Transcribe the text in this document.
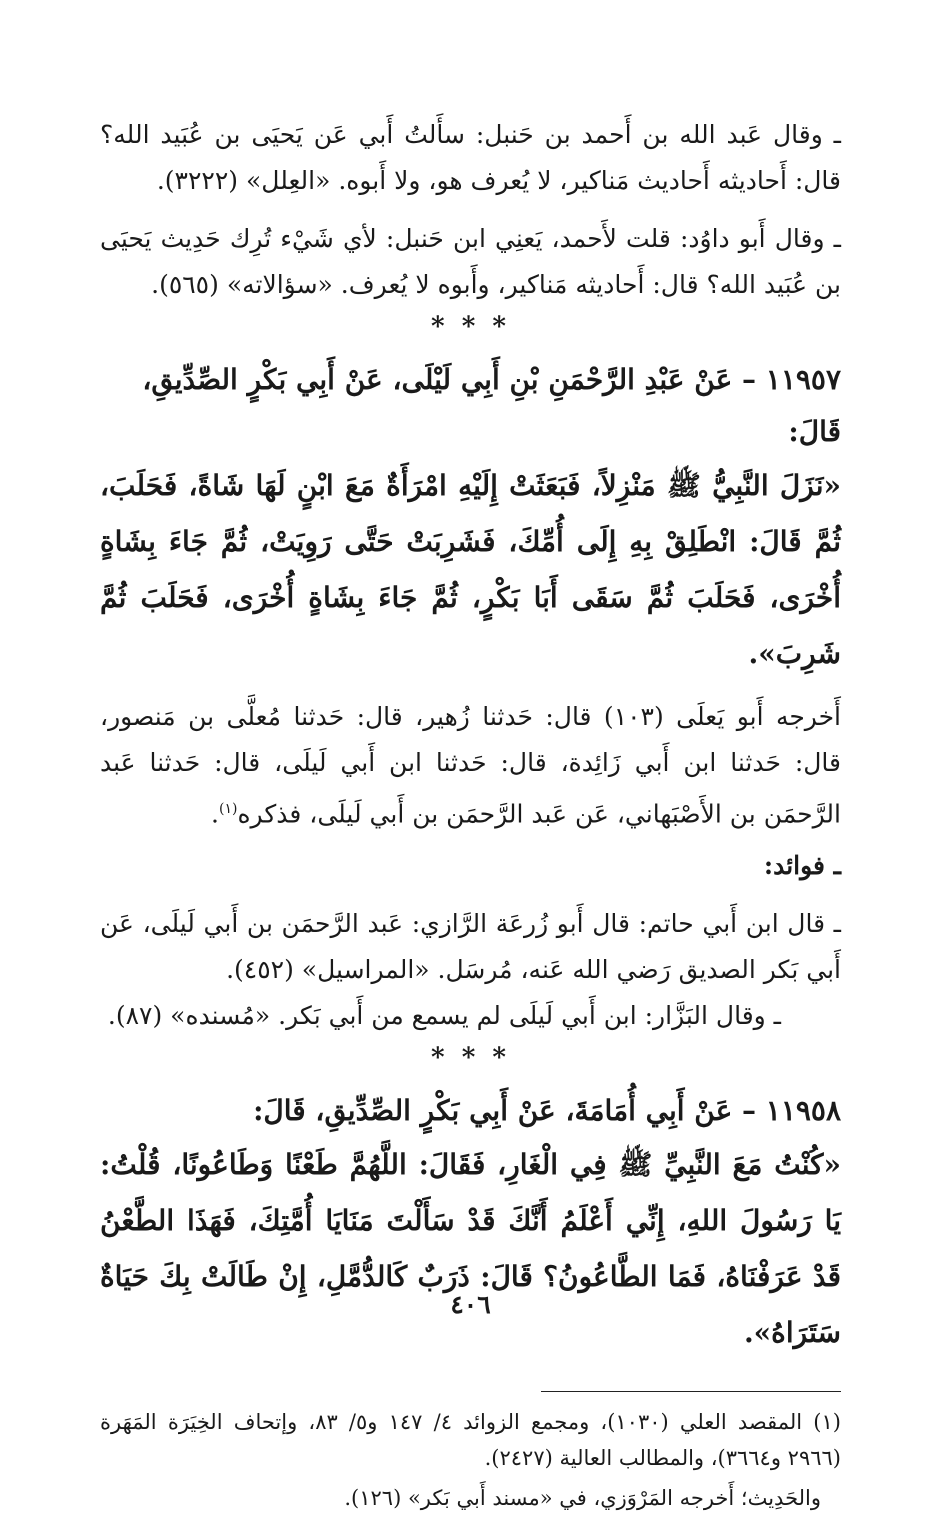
ـ وقال عَبد الله بن أَحمد بن حَنبل: سأَلتُ أَبي عَن يَحيَى بن عُبَيد الله؟ قال: أَحاديثه أَحاديث مَناكير، لا يُعرف هو، ولا أَبوه. «العِلل» (٣٢٢٢).

ـ وقال أَبو داوُد: قلت لأَحمد، يَعنِي ابن حَنبل: لأي شَيْء تُرِك حَدِيث يَحيَى بن عُبَيد الله؟ قال: أَحاديثه مَناكير، وأَبوه لا يُعرف. «سؤالاته» (٥٦٥).

* * *

١١٩٥٧ – عَنْ عَبْدِ الرَّحْمَنِ بْنِ أَبِي لَيْلَى، عَنْ أَبِي بَكْرٍ الصِّدِّيقِ، قَالَ:

«نَزَلَ النَّبِيُّ ﷺ مَنْزِلاً، فَبَعَثَتْ إِلَيْهِ امْرَأَةٌ مَعَ ابْنٍ لَهَا شَاةً، فَحَلَبَ، ثُمَّ قَالَ: انْطَلِقْ بِهِ إِلَى أُمِّكَ، فَشَرِبَتْ حَتَّى رَوِيَتْ، ثُمَّ جَاءَ بِشَاةٍ أُخْرَى، فَحَلَبَ ثُمَّ سَقَى أَبَا بَكْرٍ، ثُمَّ جَاءَ بِشَاةٍ أُخْرَى، فَحَلَبَ ثُمَّ شَرِبَ».

أَخرجه أَبو يَعلَى (١٠٣) قال: حَدثنا زُهير، قال: حَدثنا مُعلَّى بن مَنصور، قال: حَدثنا ابن أَبي زَائِدة، قال: حَدثنا ابن أَبي لَيلَى، قال: حَدثنا عَبد الرَّحمَن بن الأَصْبَهاني، عَن عَبد الرَّحمَن بن أَبي لَيلَى، فذكره$^{(١)}$.

ـ فوائد:

ـ قال ابن أَبي حاتم: قال أَبو زُرعَة الرَّازي: عَبد الرَّحمَن بن أَبي لَيلَى، عَن أَبي بَكر الصديق رَضي الله عَنه، مُرسَل. «المراسيل» (٤٥٢).

ـ وقال البَزَّار: ابن أَبي لَيلَى لم يسمع من أَبي بَكر. «مُسنده» (٨٧).

* * *

١١٩٥٨ – عَنْ أَبِي أُمَامَةَ، عَنْ أَبِي بَكْرٍ الصِّدِّيقِ، قَالَ:

«كُنْتُ مَعَ النَّبِيِّ ﷺ فِي الْغَارِ، فَقَالَ: اللَّهُمَّ طَعْنًا وَطَاعُونًا، قُلْتُ: يَا رَسُولَ اللهِ، إِنِّي أَعْلَمُ أَنَّكَ قَدْ سَأَلْتَ مَنَايَا أُمَّتِكَ، فَهَذَا الطَّعْنُ قَدْ عَرَفْنَاهُ، فَمَا الطَّاعُونُ؟ قَالَ: ذَرَبٌ كَالدُّمَّلِ، إِنْ طَالَتْ بِكَ حَيَاةٌ سَتَرَاهُ».

(١) المقصد العلي (١٠٣٠)، ومجمع الزوائد ٤/ ١٤٧ و٥/ ٨٣، وإتحاف الخِيَرَة المَهَرة (٢٩٦٦ و٣٦٦٤)، والمطالب العالية (٢٤٢٧).

والحَدِيث؛ أَخرجه المَرْوَزي، في «مسند أَبي بَكر» (١٢٦).

٤٠٦
